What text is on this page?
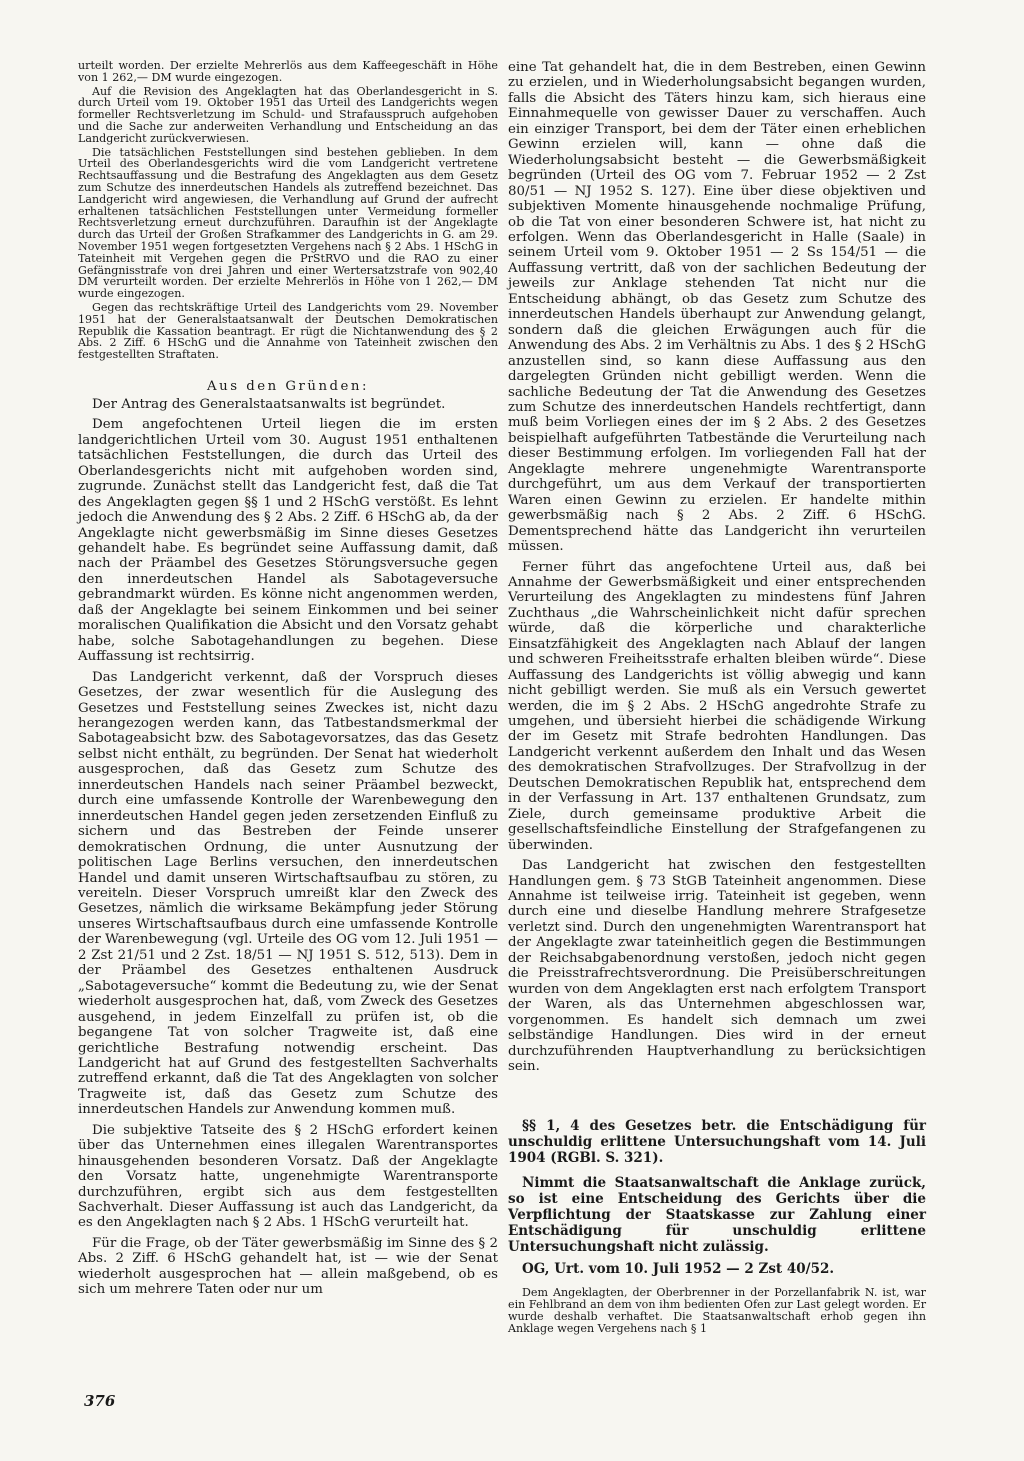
urteilt worden. Der erzielte Mehrerlös aus dem Kaffeegeschäft in Höhe von 1 262,— DM wurde eingezogen.

Auf die Revision des Angeklagten hat das Oberlandesgericht in S. durch Urteil vom 19. Oktober 1951 das Urteil des Landgerichts wegen formeller Rechtsverletzung im Schuld- und Strafausspruch aufgehoben und die Sache zur anderweiten Verhandlung und Entscheidung an das Landgericht zurückverwiesen.

Die tatsächlichen Feststellungen sind bestehen geblieben. In dem Urteil des Oberlandesgerichts wird die vom Landgericht vertretene Rechtsauffassung und die Bestrafung des Angeklagten aus dem Gesetz zum Schutze des innerdeutschen Handels als zutreffend bezeichnet. Das Landgericht wird angewiesen, die Verhandlung auf Grund der aufrecht erhaltenen tatsächlichen Feststellungen unter Vermeidung formeller Rechtsverletzung erneut durchzuführen. Daraufhin ist der Angeklagte durch das Urteil der Großen Strafkammer des Landgerichts in G. am 29. November 1951 wegen fortgesetzten Vergehens nach § 2 Abs. 1 HSchG in Tateinheit mit Vergehen gegen die PrStRVO und die RAO zu einer Gefängnisstrafe von drei Jahren und einer Wertersatzstrafe von 902,40 DM verurteilt worden. Der erzielte Mehrerlös in Höhe von 1 262,— DM wurde eingezogen.

Gegen das rechtskräftige Urteil des Landgerichts vom 29. November 1951 hat der Generalstaatsanwalt der Deutschen Demokratischen Republik die Kassation beantragt. Er rügt die Nichtanwendung des § 2 Abs. 2 Ziff. 6 HSchG und die Annahme von Tateinheit zwischen den festgestellten Straftaten.

Aus den Gründen:

Der Antrag des Generalstaatsanwalts ist begründet.

Dem angefochtenen Urteil liegen die im ersten landgerichtlichen Urteil vom 30. August 1951 enthaltenen tatsächlichen Feststellungen, die durch das Urteil des Oberlandesgerichts nicht mit aufgehoben worden sind, zugrunde. Zunächst stellt das Landgericht fest, daß die Tat des Angeklagten gegen §§ 1 und 2 HSchG verstößt. Es lehnt jedoch die Anwendung des § 2 Abs. 2 Ziff. 6 HSchG ab, da der Angeklagte nicht gewerbsmäßig im Sinne dieses Gesetzes gehandelt habe. Es begründet seine Auffassung damit, daß nach der Präambel des Gesetzes Störungsversuche gegen den innerdeutschen Handel als Sabotageversuche gebrandmarkt würden. Es könne nicht angenommen werden, daß der Angeklagte bei seinem Einkommen und bei seiner moralischen Qualifikation die Absicht und den Vorsatz gehabt habe, solche Sabotagehandlungen zu begehen. Diese Auffassung ist rechtsirrig.

Das Landgericht verkennt, daß der Vorspruch dieses Gesetzes, der zwar wesentlich für die Auslegung des Gesetzes und Feststellung seines Zweckes ist, nicht dazu herangezogen werden kann, das Tatbestandsmerkmal der Sabotageabsicht bzw. des Sabotagevorsatzes, das das Gesetz selbst nicht enthält, zu begründen. Der Senat hat wiederholt ausgesprochen, daß das Gesetz zum Schutze des innerdeutschen Handels nach seiner Präambel bezweckt, durch eine umfassende Kontrolle der Warenbewegung den innerdeutschen Handel gegen jeden zersetzenden Einfluß zu sichern und das Bestreben der Feinde unserer demokratischen Ordnung, die unter Ausnutzung der politischen Lage Berlins versuchen, den innerdeutschen Handel und damit unseren Wirtschaftsaufbau zu stören, zu vereiteln. Dieser Vorspruch umreißt klar den Zweck des Gesetzes, nämlich die wirksame Bekämpfung jeder Störung unseres Wirtschaftsaufbaus durch eine umfassende Kontrolle der Warenbewegung (vgl. Urteile des OG vom 12. Juli 1951 — 2 Zst 21/51 und 2 Zst. 18/51 — NJ 1951 S. 512, 513). Dem in der Präambel des Gesetzes enthaltenen Ausdruck „Sabotageversuche“ kommt die Bedeutung zu, wie der Senat wiederholt ausgesprochen hat, daß, vom Zweck des Gesetzes ausgehend, in jedem Einzelfall zu prüfen ist, ob die begangene Tat von solcher Tragweite ist, daß eine gerichtliche Bestrafung notwendig erscheint. Das Landgericht hat auf Grund des festgestellten Sachverhalts zutreffend erkannt, daß die Tat des Angeklagten von solcher Tragweite ist, daß das Gesetz zum Schutze des innerdeutschen Handels zur Anwendung kommen muß.

Die subjektive Tatseite des § 2 HSchG erfordert keinen über das Unternehmen eines illegalen Warentransportes hinausgehenden besonderen Vorsatz. Daß der Angeklagte den Vorsatz hatte, ungenehmigte Warentransporte durchzuführen, ergibt sich aus dem festgestellten Sachverhalt. Dieser Auffassung ist auch das Landgericht, da es den Angeklagten nach § 2 Abs. 1 HSchG verurteilt hat.

Für die Frage, ob der Täter gewerbsmäßig im Sinne des § 2 Abs. 2 Ziff. 6 HSchG gehandelt hat, ist — wie der Senat wiederholt ausgesprochen hat — allein maßgebend, ob es sich um mehrere Taten oder nur um

eine Tat gehandelt hat, die in dem Bestreben, einen Gewinn zu erzielen, und in Wiederholungsabsicht begangen wurden, falls die Absicht des Täters hinzu kam, sich hieraus eine Einnahmequelle von gewisser Dauer zu verschaffen. Auch ein einziger Transport, bei dem der Täter einen erheblichen Gewinn erzielen will, kann — ohne daß die Wiederholungsabsicht besteht — die Gewerbsmäßigkeit begründen (Urteil des OG vom 7. Februar 1952 — 2 Zst 80/51 — NJ 1952 S. 127). Eine über diese objektiven und subjektiven Momente hinausgehende nochmalige Prüfung, ob die Tat von einer besonderen Schwere ist, hat nicht zu erfolgen. Wenn das Oberlandesgericht in Halle (Saale) in seinem Urteil vom 9. Oktober 1951 — 2 Ss 154/51 — die Auffassung vertritt, daß von der sachlichen Bedeutung der jeweils zur Anklage stehenden Tat nicht nur die Entscheidung abhängt, ob das Gesetz zum Schutze des innerdeutschen Handels überhaupt zur Anwendung gelangt, sondern daß die gleichen Erwägungen auch für die Anwendung des Abs. 2 im Verhältnis zu Abs. 1 des § 2 HSchG anzustellen sind, so kann diese Auffassung aus den dargelegten Gründen nicht gebilligt werden. Wenn die sachliche Bedeutung der Tat die Anwendung des Gesetzes zum Schutze des innerdeutschen Handels rechtfertigt, dann muß beim Vorliegen eines der im § 2 Abs. 2 des Gesetzes beispielhaft aufgeführten Tatbestände die Verurteilung nach dieser Bestimmung erfolgen. Im vorliegenden Fall hat der Angeklagte mehrere ungenehmigte Warentransporte durchgeführt, um aus dem Verkauf der transportierten Waren einen Gewinn zu erzielen. Er handelte mithin gewerbsmäßig nach § 2 Abs. 2 Ziff. 6 HSchG. Dementsprechend hätte das Landgericht ihn verurteilen müssen.

Ferner führt das angefochtene Urteil aus, daß bei Annahme der Gewerbsmäßigkeit und einer entsprechenden Verurteilung des Angeklagten zu mindestens fünf Jahren Zuchthaus „die Wahrscheinlichkeit nicht dafür sprechen würde, daß die körperliche und charakterliche Einsatzfähigkeit des Angeklagten nach Ablauf der langen und schweren Freiheitsstrafe erhalten bleiben würde“. Diese Auffassung des Landgerichts ist völlig abwegig und kann nicht gebilligt werden. Sie muß als ein Versuch gewertet werden, die im § 2 Abs. 2 HSchG angedrohte Strafe zu umgehen, und übersieht hierbei die schädigende Wirkung der im Gesetz mit Strafe bedrohten Handlungen. Das Landgericht verkennt außerdem den Inhalt und das Wesen des demokratischen Strafvollzuges. Der Strafvollzug in der Deutschen Demokratischen Republik hat, entsprechend dem in der Verfassung in Art. 137 enthaltenen Grundsatz, zum Ziele, durch gemeinsame produktive Arbeit die gesellschaftsfeindliche Einstellung der Strafgefangenen zu überwinden.

Das Landgericht hat zwischen den festgestellten Handlungen gem. § 73 StGB Tateinheit angenommen. Diese Annahme ist teilweise irrig. Tateinheit ist gegeben, wenn durch eine und dieselbe Handlung mehrere Strafgesetze verletzt sind. Durch den ungenehmigten Warentransport hat der Angeklagte zwar tateinheitlich gegen die Bestimmungen der Reichsabgabenordnung verstoßen, jedoch nicht gegen die Preisstrafrechtsverordnung. Die Preisüberschreitungen wurden von dem Angeklagten erst nach erfolgtem Transport der Waren, als das Unternehmen abgeschlossen war, vorgenommen. Es handelt sich demnach um zwei selbständige Handlungen. Dies wird in der erneut durchzuführenden Hauptverhandlung zu berücksichtigen sein.

§§ 1, 4 des Gesetzes betr. die Entschädigung für unschuldig erlittene Untersuchungshaft vom 14. Juli 1904 (RGBl. S. 321).

Nimmt die Staatsanwaltschaft die Anklage zurück, so ist eine Entscheidung des Gerichts über die Verpflichtung der Staatskasse zur Zahlung einer Entschädigung für unschuldig erlittene Untersuchungshaft nicht zulässig.

OG, Urt. vom 10. Juli 1952 — 2 Zst 40/52.

Dem Angeklagten, der Oberbrenner in der Porzellanfabrik N. ist, war ein Fehlbrand an dem von ihm bedienten Ofen zur Last gelegt worden. Er wurde deshalb verhaftet. Die Staatsanwaltschaft erhob gegen ihn Anklage wegen Vergehens nach § 1

376
